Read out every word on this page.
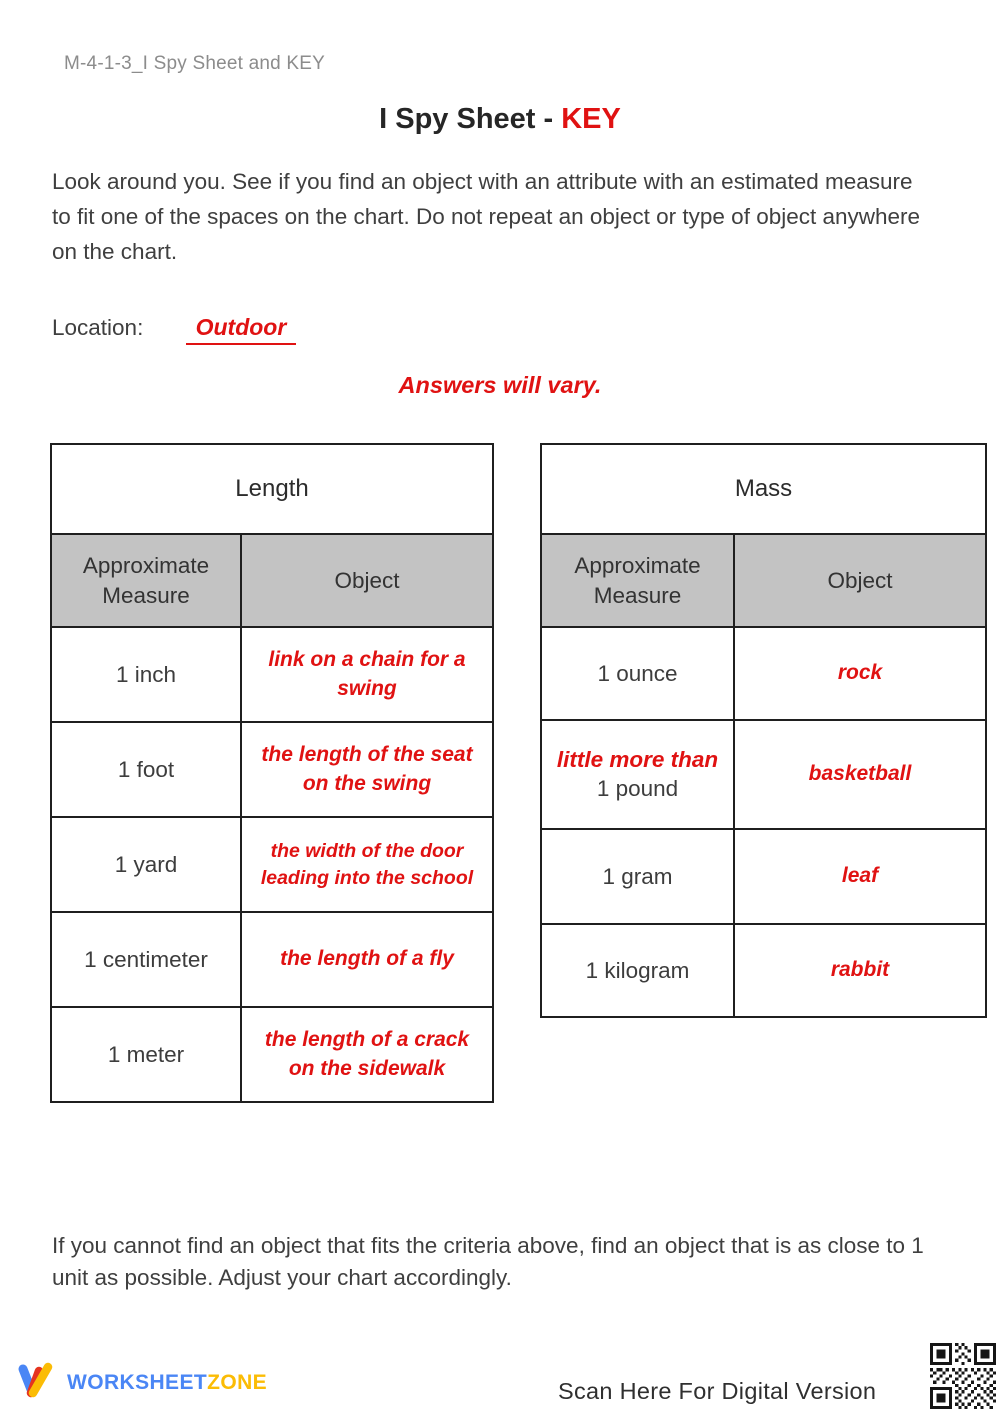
M-4-1-3_I Spy Sheet and KEY
I Spy Sheet - KEY
Look around you. See if you find an object with an attribute with an estimated measure to fit one of the spaces on the chart. Do not repeat an object or type of object anywhere on the chart.
Location: Outdoor
Answers will vary.
Length	
Approximate Measure	Object
1 inch	link on a chain for a swing
1 foot	the length of the seat on the swing
1 yard	the width of the door leading into the school
1 centimeter	the length of a fly
1 meter	the length of a crack on the sidewalk
Mass	
Approximate Measure	Object
1 ounce	rock

little more than
1 pound	basketball
1 gram	leaf
1 kilogram	rabbit
If you cannot find an object that fits the criteria above, find an object that is as close to 1 unit as possible. Adjust your chart accordingly.
WORKSHEETZONE	Scan Here For Digital Version
